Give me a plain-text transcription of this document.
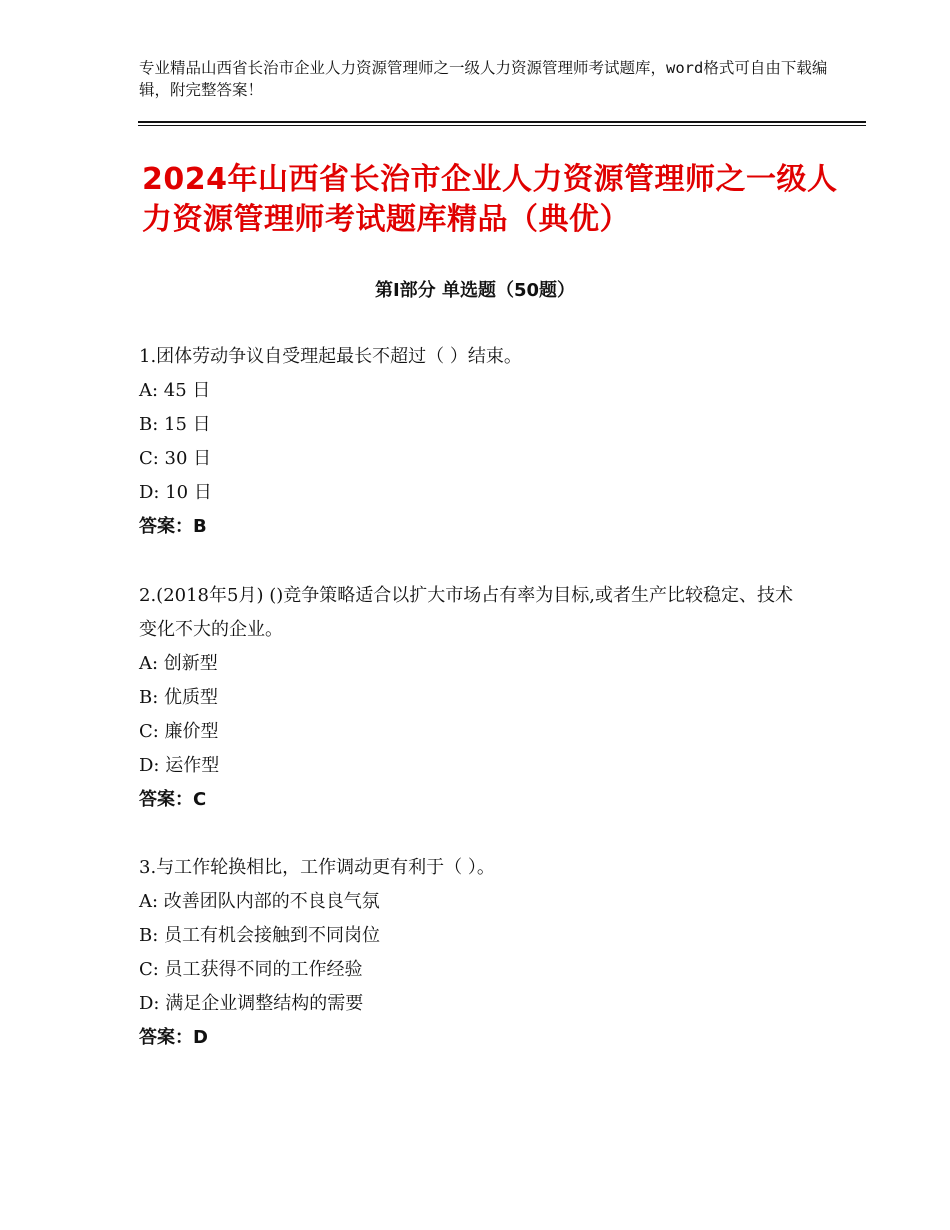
专业精品山西省长治市企业人力资源管理师之一级人力资源管理师考试题库，word格式可自由下载编辑，附完整答案！
2024年山西省长治市企业人力资源管理师之一级人力资源管理师考试题库精品（典优）
第Ⅰ部分 单选题（50题）
1.团体劳动争议自受理起最长不超过（ ）结束。
A: 45 日
B: 15 日
C: 30 日
D: 10 日
答案：B
2.(2018年5月) ()竞争策略适合以扩大市场占有率为目标,或者生产比较稳定、技术变化不大的企业。
A: 创新型
B: 优质型
C: 廉价型
D: 运作型
答案：C
3.与工作轮换相比，工作调动更有利于（ ）。
A: 改善团队内部的不良良气氛
B: 员工有机会接触到不同岗位
C: 员工获得不同的工作经验
D: 满足企业调整结构的需要
答案：D
